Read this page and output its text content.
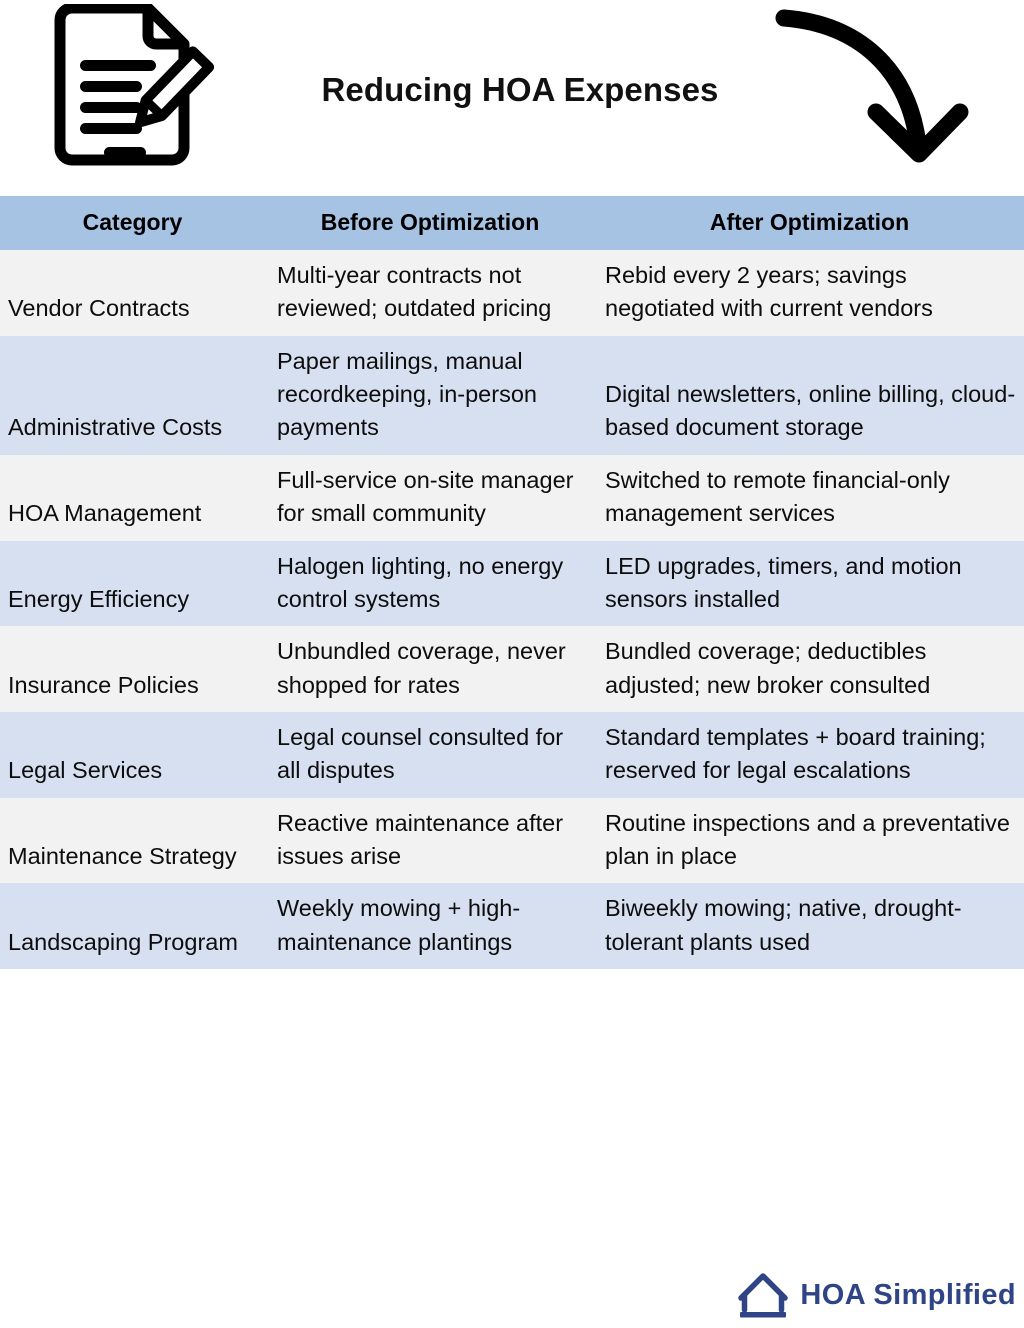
Reducing HOA Expenses
Category	Before Optimization	After Optimization
Vendor Contracts	Multi-year contracts not reviewed; outdated pricing	Rebid every 2 years; savings negotiated with current vendors
Administrative Costs	Paper mailings, manual recordkeeping, in-person payments	Digital newsletters, online billing, cloud-based document storage
HOA Management	Full-service on-site manager for small community	Switched to remote financial-only management services
Energy Efficiency	Halogen lighting, no energy control systems	LED upgrades, timers, and motion sensors installed
Insurance Policies	Unbundled coverage, never shopped for rates	Bundled coverage; deductibles adjusted; new broker consulted
Legal Services	Legal counsel consulted for all disputes	Standard templates + board training; reserved for legal escalations
Maintenance Strategy	Reactive maintenance after issues arise	Routine inspections and a preventative plan in place
Landscaping Program	Weekly mowing + high-maintenance plantings	Biweekly mowing; native, drought-tolerant plants used
HOA Simplified
